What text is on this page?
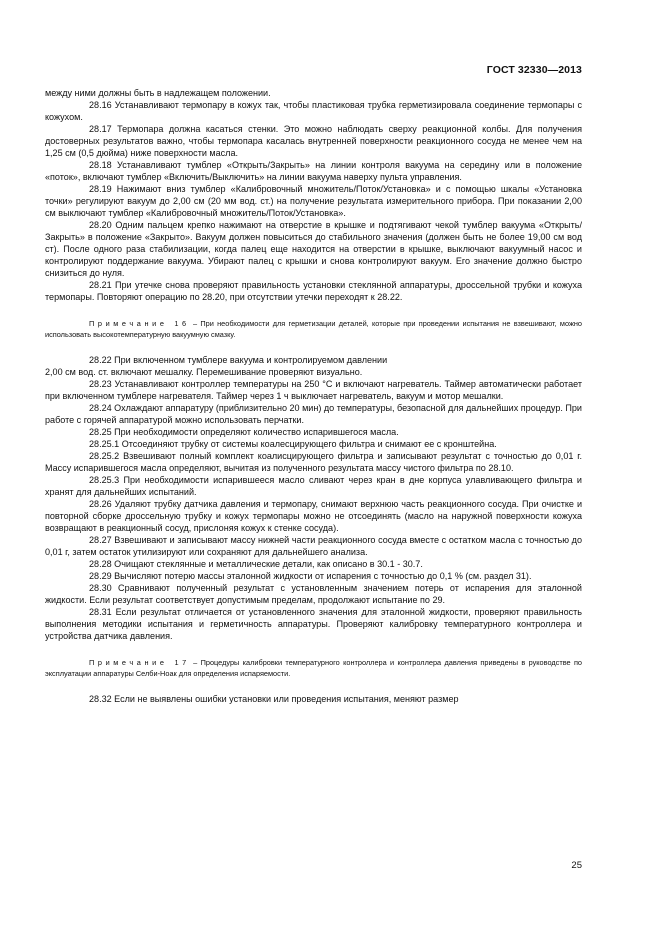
ГОСТ 32330—2013

между ними должны быть в надлежащем положении.

28.16 Устанавливают термопару в кожух так, чтобы пластиковая трубка герметизировала соединение термопары с кожухом.

28.17 Термопара должна касаться стенки. Это можно наблюдать сверху реакционной колбы. Для получения достоверных результатов важно, чтобы термопара касалась внутренней поверхности реакционного сосуда не менее чем на 1,25 см (0,5 дюйма) ниже поверхности масла.

28.18 Устанавливают тумблер «Открыть/Закрыть» на линии контроля вакуума на середину или в положение «поток», включают тумблер «Включить/Выключить» на линии вакуума наверху пульта управления.

28.19 Нажимают вниз тумблер «Калибровочный множитель/Поток/Установка» и с помощью шкалы «Установка точки» регулируют вакуум до 2,00 см (20 мм вод. ст.) на получение результата измерительного прибора. При показании 2,00 см выключают тумблер «Калибровочный множитель/Поток/Установка».

28.20 Одним пальцем крепко нажимают на отверстие в крышке и подтягивают чекой тумблер вакуума «Открыть/Закрыть» в положение «Закрыто». Вакуум должен повыситься до стабильного значения (должен быть не более 19,00 см вод ст). После одного раза стабилизации, когда палец еще находится на отверстии в крышке, выключают вакуумный насос и контролируют поддержание вакуума. Убирают палец с крышки и снова контролируют вакуум. Его значение должно быстро снизиться до нуля.

28.21 При утечке снова проверяют правильность установки стеклянной аппаратуры, дроссельной трубки и кожуха термопары. Повторяют операцию по 28.20, при отсутствии утечки переходят к 28.22.

Примечание 16 – При необходимости для герметизации деталей, которые при проведении испытания не взвешивают, можно использовать высокотемпературную вакуумную смазку.

28.22 При включенном тумблере вакуума и контролируемом давлении

2,00 см вод. ст. включают мешалку. Перемешивание проверяют визуально.

28.23 Устанавливают контроллер температуры на 250 °С и включают нагреватель. Таймер автоматически работает при включенном тумблере нагревателя. Таймер через 1 ч выключает нагреватель, вакуум и мотор мешалки.

28.24 Охлаждают аппаратуру (приблизительно 20 мин) до температуры, безопасной для дальнейших процедур. При работе с горячей аппаратурой можно использовать перчатки.

28.25 При необходимости определяют количество испарившегося масла.

28.25.1 Отсоединяют трубку от системы коалесцирующего фильтра и снимают ее с кронштейна.

28.25.2 Взвешивают полный комплект коалисцирующего фильтра и записывают результат с точностью до 0,01 г. Массу испарившегося масла определяют, вычитая из полученного результата массу чистого фильтра по 28.10.

28.25.3 При необходимости испарившееся масло сливают через кран в дне корпуса улавливающего фильтра и хранят для дальнейших испытаний.

28.26 Удаляют трубку датчика давления и термопару, снимают верхнюю часть реакционного сосуда. При очистке и повторной сборке дроссельную трубку и кожух термопары можно не отсоединять (масло на наружной поверхности кожуха возвращают в реакционный сосуд, прислоняя кожух к стенке сосуда).

28.27 Взвешивают и записывают массу нижней части реакционного сосуда вместе с остатком масла с точностью до 0,01 г, затем остаток утилизируют или сохраняют для дальнейшего анализа.

28.28 Очищают стеклянные и металлические детали, как описано в 30.1 - 30.7.

28.29 Вычисляют потерю массы эталонной жидкости от испарения с точностью до 0,1 % (см. раздел 31).

28.30 Сравнивают полученный результат с установленным значением потерь от испарения для эталонной жидкости. Если результат соответствует допустимым пределам, продолжают испытание по 29.

28.31 Если результат отличается от установленного значения для эталонной жидкости, проверяют правильность выполнения методики испытания и герметичность аппаратуры. Проверяют калибровку температурного контроллера и устройства датчика давления.

Примечание 17 – Процедуры калибровки температурного контроллера и контроллера давления приведены в руководстве по эксплуатации аппаратуры Селби-Ноак для определения испаряемости.

28.32 Если не выявлены ошибки установки или проведения испытания, меняют размер

25
